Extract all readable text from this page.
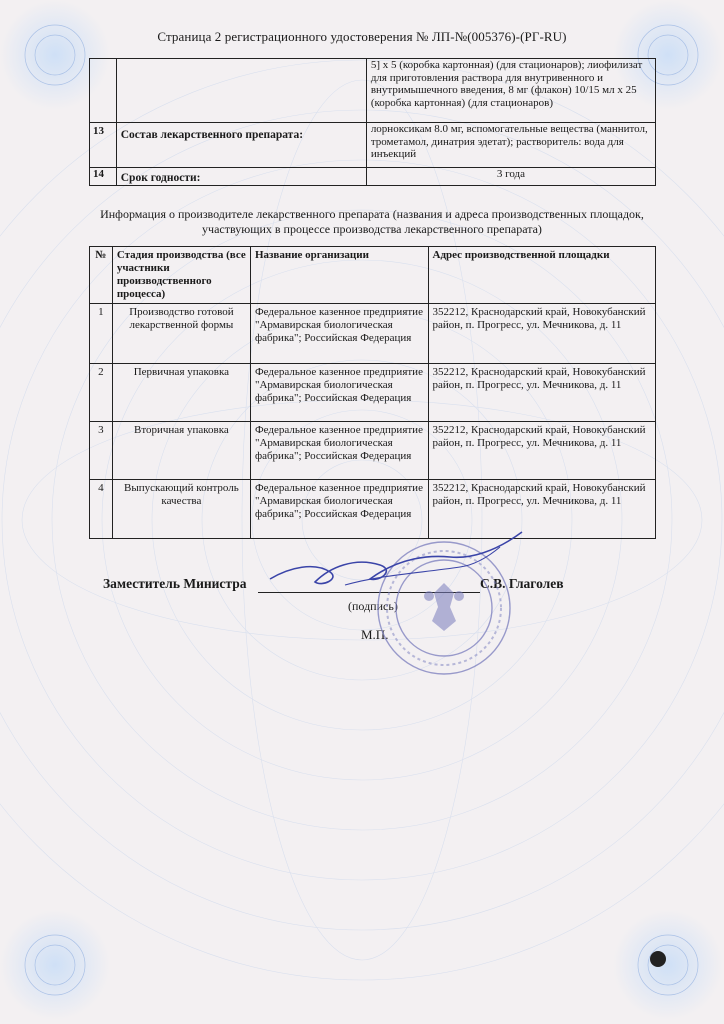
Страница 2 регистрационного удостоверения № ЛП-№(005376)-(РГ-RU)
		5] x 5 (коробка картонная) (для стационаров); лиофилизат для приготовления раствора для внутривенного и внутримышечного введения, 8 мг (флакон) 10/15 мл x 25 (коробка картонная) (для стационаров)
13	Состав лекарственного препарата:	лорноксикам 8.0 мг, вспомогательные вещества (маннитол, трометамол, динатрия эдетат); растворитель: вода для инъекций
14	Срок годности:	3 года
Информация о производителе лекарственного препарата (названия и адреса производственных площадок, участвующих в процессе производства лекарственного препарата)
№	Стадия производства (все участники производственного процесса)	Название организации	Адрес производственной площадки
1	Производство готовой лекарственной формы	Федеральное казенное предприятие "Армавирская биологическая фабрика"; Российская Федерация	352212, Краснодарский край, Новокубанский район, п. Прогресс, ул. Мечникова, д. 11
2	Первичная упаковка	Федеральное казенное предприятие "Армавирская биологическая фабрика"; Российская Федерация	352212, Краснодарский край, Новокубанский район, п. Прогресс, ул. Мечникова, д. 11
3	Вторичная упаковка	Федеральное казенное предприятие "Армавирская биологическая фабрика"; Российская Федерация	352212, Краснодарский край, Новокубанский район, п. Прогресс, ул. Мечникова, д. 11
4	Выпускающий контроль качества	Федеральное казенное предприятие "Армавирская биологическая фабрика"; Российская Федерация	352212, Краснодарский край, Новокубанский район, п. Прогресс, ул. Мечникова, д. 11
Заместитель Министра	С.В. Глаголев
(подпись)
М.П.
